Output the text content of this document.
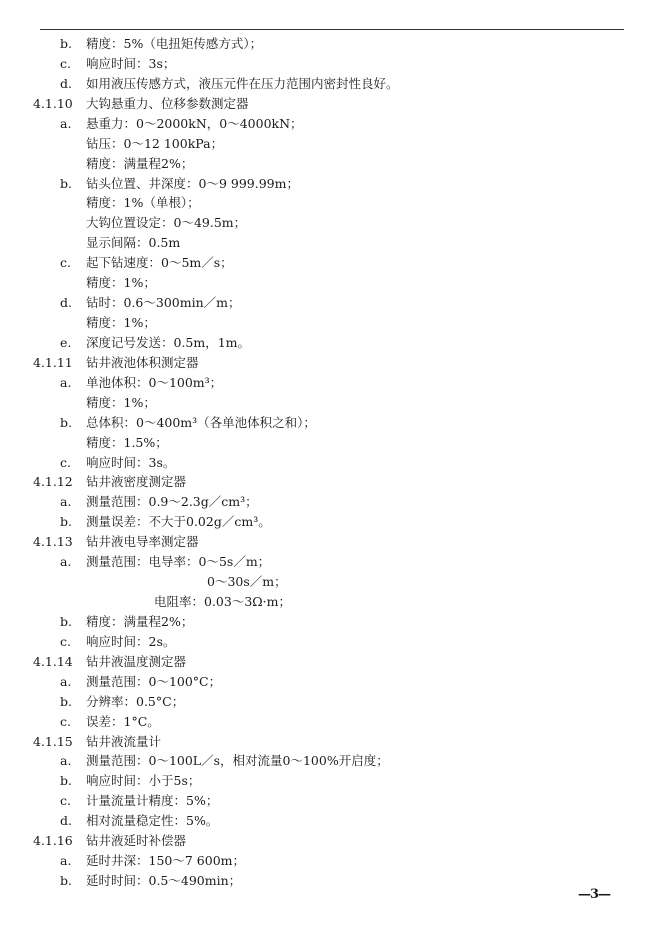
b.	精度：5%（电扭矩传感方式）；
c.	响应时间：3s；
d.	如用液压传感方式，液压元件在压力范围内密封性良好。
4.1.10	大钩悬重力、位移参数测定器
a.	悬重力：0～2000kN，0～4000kN；
钻压：0～12 100kPa；
精度：满量程2%；
b.	钻头位置、井深度：0～9 999.99m；
精度：1%（单根）；
大钩位置设定：0～49.5m；
显示间隔：0.5m
c.	起下钻速度：0～5m／s；
精度：1%；
d.	钻时：0.6～300min／m；
精度：1%；
e.	深度记号发送：0.5m，1m。
4.1.11	钻井液池体积测定器
a.	单池体积：0～100m³；
精度：1%；
b.	总体积：0～400m³（各单池体积之和）；
精度：1.5%；
c.	响应时间：3s。
4.1.12	钻井液密度测定器
a.	测量范围：0.9～2.3g／cm³；
b.	测量误差：不大于0.02g／cm³。
4.1.13	钻井液电导率测定器
a.	测量范围：电导率：0～5s／m；
0～30s／m；
电阻率：0.03～3Ω·m；
b.	精度：满量程2%；
c.	响应时间：2s。
4.1.14	钻井液温度测定器
a.	测量范围：0～100°C；
b.	分辨率：0.5°C；
c.	误差：1°C。
4.1.15	钻井液流量计
a.	测量范围：0～100L／s，相对流量0～100%开启度；
b.	响应时间：小于5s；
c.	计量流量计精度：5%；
d.	相对流量稳定性：5%。
4.1.16	钻井液延时补偿器
a.	延时井深：150～7 600m；
b.	延时时间：0.5～490min；
—3—
